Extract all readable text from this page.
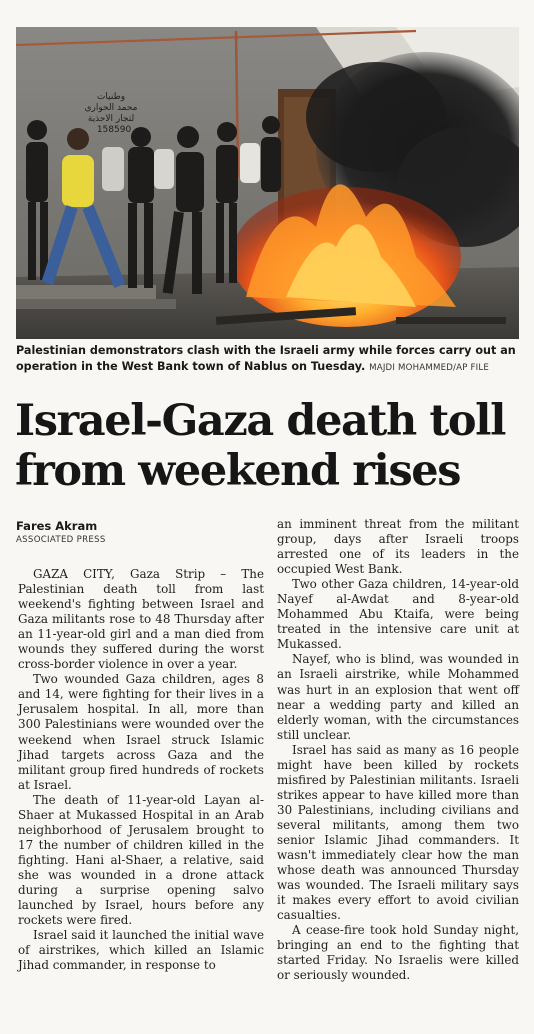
وطنيات
محمد الحواري
لتجار الاحذية
158590
Palestinian demonstrators clash with the Israeli army while forces carry out an operation in the West Bank town of Nablus on Tuesday. MAJDI MOHAMMED/AP FILE
Israel-Gaza death toll from weekend rises
Fares Akram
ASSOCIATED PRESS

GAZA CITY, Gaza Strip – The Palestinian death toll from last weekend's fighting between Israel and Gaza militants rose to 48 Thursday after an 11-year-old girl and a man died from wounds they suffered during the worst cross-border violence in over a year.

Two wounded Gaza children, ages 8 and 14, were fighting for their lives in a Jerusalem hospital. In all, more than 300 Palestinians were wounded over the weekend when Israel struck Islamic Jihad targets across Gaza and the militant group fired hundreds of rockets at Israel.

The death of 11-year-old Layan al-Shaer at Mukassed Hospital in an Arab neighborhood of Jerusalem brought to 17 the number of children killed in the fighting. Hani al-Shaer, a relative, said she was wounded in a drone attack during a surprise opening salvo launched by Israel, hours before any rockets were fired.

Israel said it launched the initial wave of airstrikes, which killed an Islamic Jihad commander, in response to

an imminent threat from the militant group, days after Israeli troops arrested one of its leaders in the occupied West Bank.

Two other Gaza children, 14-year-old Nayef al-Awdat and 8-year-old Mohammed Abu Ktaifa, were being treated in the intensive care unit at Mukassed.

Nayef, who is blind, was wounded in an Israeli airstrike, while Mohammed was hurt in an explosion that went off near a wedding party and killed an elderly woman, with the circumstances still unclear.

Israel has said as many as 16 people might have been killed by rockets misfired by Palestinian militants. Israeli strikes appear to have killed more than 30 Palestinians, including civilians and several militants, among them two senior Islamic Jihad commanders. It wasn't immediately clear how the man whose death was announced Thursday was wounded. The Israeli military says it makes every effort to avoid civilian casualties.

A cease-fire took hold Sunday night, bringing an end to the fighting that started Friday. No Israelis were killed or seriously wounded.
